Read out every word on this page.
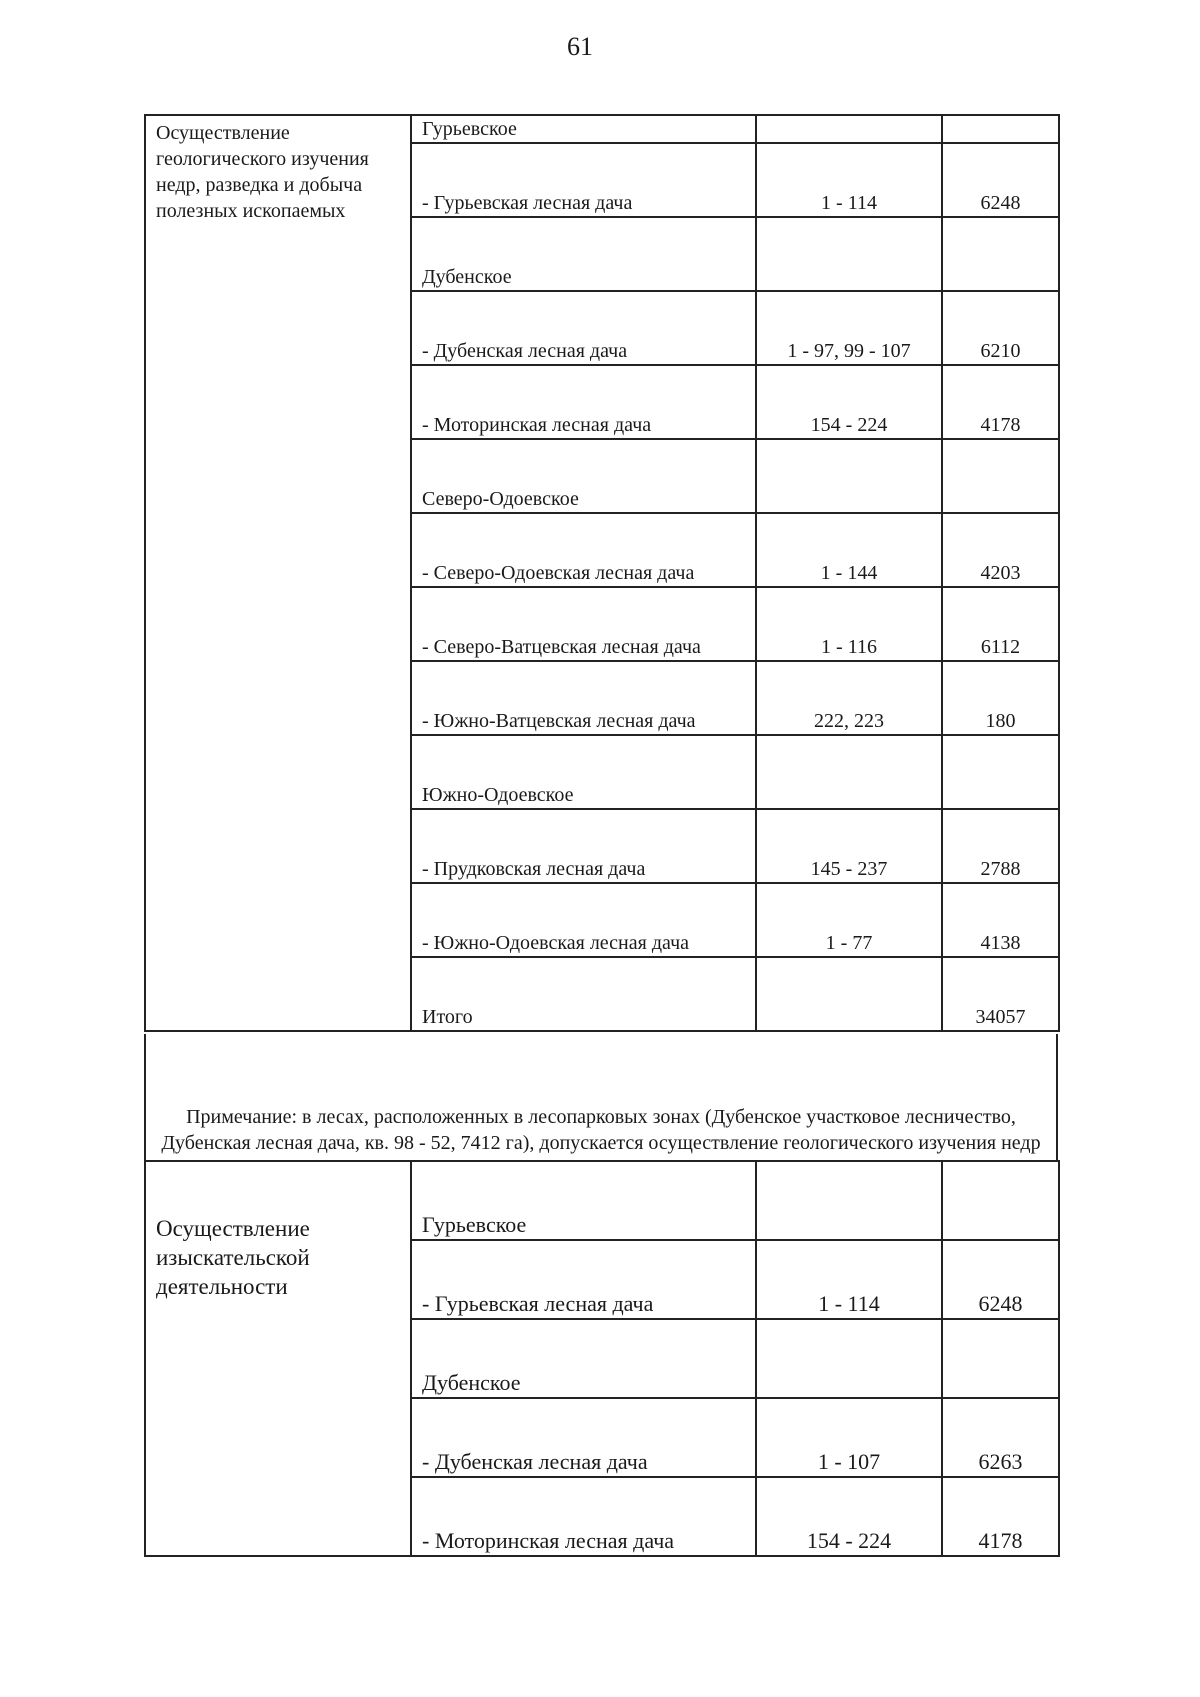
61
Осуществление геологического изучения недр, разведка и добыча полезных ископаемых	Гурьевское		
	- Гурьевская лесная дача	1 - 114	6248
	Дубенское		
	- Дубенская лесная дача	1 - 97, 99 - 107	6210
	- Моторинская лесная дача	154 - 224	4178
	Северо-Одоевское		
	- Северо-Одоевская лесная дача	1 - 144	4203
	- Северо-Ватцевская лесная дача	1 - 116	6112
	- Южно-Ватцевская лесная дача	222, 223	180
	Южно-Одоевское		
	- Прудковская лесная дача	145 - 237	2788
	- Южно-Одоевская лесная дача	1 - 77	4138
	Итого		34057
Примечание: в лесах, расположенных в лесопарковых зонах (Дубенское участковое лесничество, Дубенская лесная дача, кв. 98 - 52, 7412 га), допускается осуществление геологического изучения недр
Осуществление изыскательской деятельности	Гурьевское		
	- Гурьевская лесная дача	1 - 114	6248
	Дубенское		
	- Дубенская лесная дача	1 - 107	6263
	- Моторинская лесная дача	154 - 224	4178
